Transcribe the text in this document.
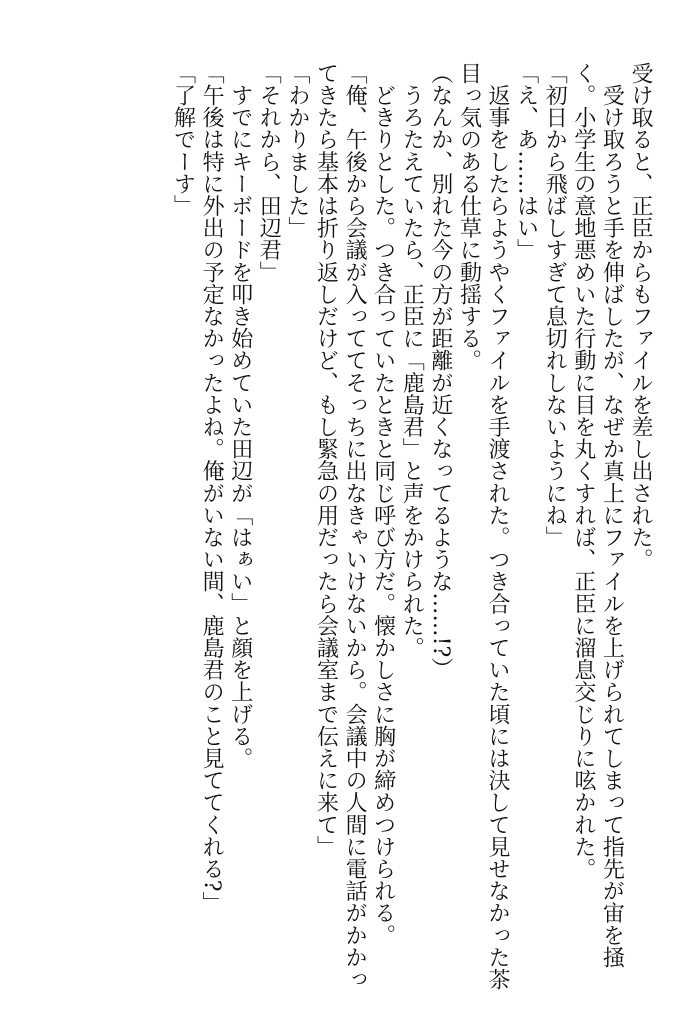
受け取ると、正臣からもファイルを差し出された。
　受け取ろうと手を伸ばしたが、なぜか真上にファイルを上げられてしまって指先が宙を掻
く。小学生の意地悪めいた行動に目を丸くすれば、正臣に溜息交じりに呟かれた。
「初日から飛ばしすぎて息切れしないようにね」
「え、あ……はい」
　返事をしたらようやくファイルを手渡された。つき合っていた頃には決して見せなかった茶
目っ気のある仕草に動揺する。
（なんか、別れた今の方が距離が近くなってるような……!?）
　うろたえていたら、正臣に「鹿島君」と声をかけられた。
　どきりとした。つき合っていたときと同じ呼び方だ。懐かしさに胸が締めつけられる。
「俺、午後から会議が入っててそっちに出なきゃいけないから。会議中の人間に電話がかかっ
てきたら基本は折り返しだけど、もし緊急の用だったら会議室まで伝えに来て」
「わかりました」
「それから、田辺君」
　すでにキーボードを叩き始めていた田辺が「はぁい」と顔を上げる。
「午後は特に外出の予定なかったよね。俺がいない間、鹿島君のこと見ててくれる?」
「了解でーす」
